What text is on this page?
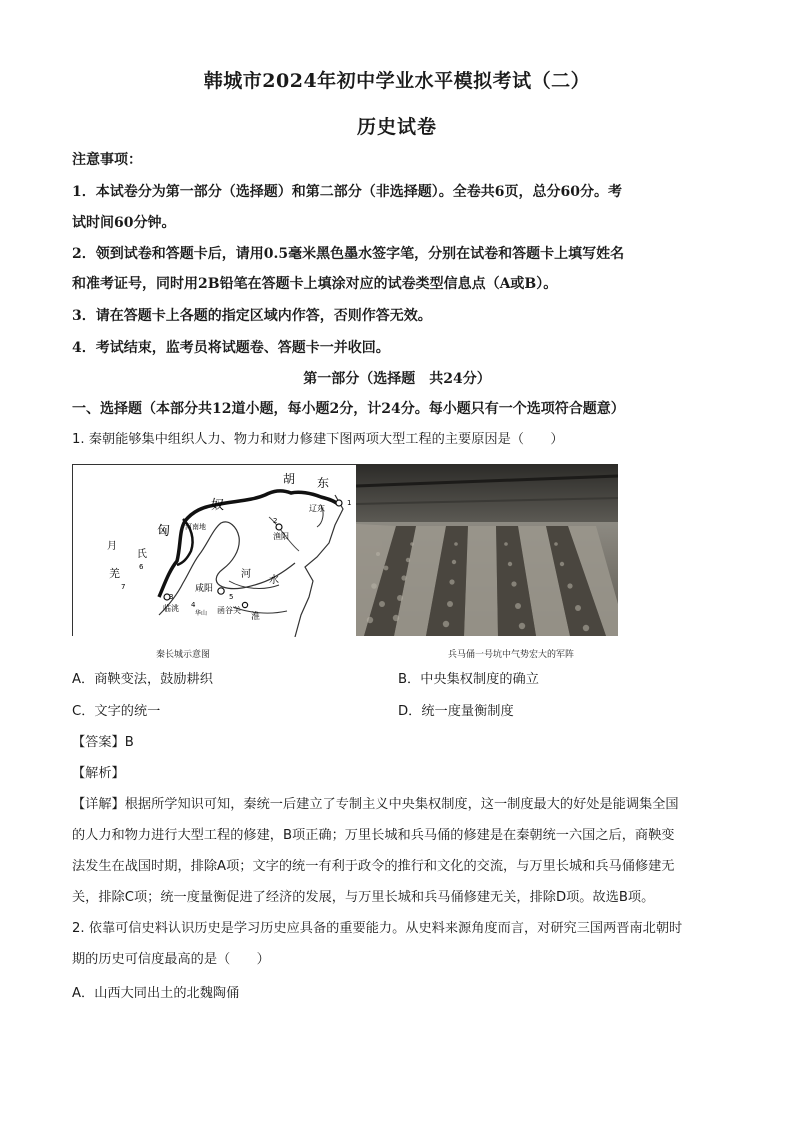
韩城市2024年初中学业水平模拟考试（二）
历史试卷
注意事项：
1．本试卷分为第一部分（选择题）和第二部分（非选择题）。全卷共6页，总分60分。考
试时间60分钟。
2．领到试卷和答题卡后，请用0.5毫米黑色墨水签字笔，分别在试卷和答题卡上填写姓名
和准考证号，同时用2B铅笔在答题卡上填涂对应的试卷类型信息点（A或B）。
3．请在答题卡上各题的指定区域内作答，否则作答无效。
4．考试结束，监考员将试题卷、答题卡一并收回。
第一部分（选择题　共24分）
一、选择题（本部分共12道小题，每小题2分，计24分。每小题只有一个选项符合题意）
1. 秦朝能够集中组织人力、物力和财力修建下图两项大型工程的主要原因是（　　）
胡 东
奴
匈
月
氏
羌
河南地
渔阳
辽东
咸阳
临洮	函谷关
华山
河
水
淮
1
2
3
4
5
6
7
秦长城示意图	兵马俑一号坑中气势宏大的军阵
A．商鞅变法，鼓励耕织	B．中央集权制度的确立
C．文字的统一	D．统一度量衡制度
【答案】B
【解析】
【详解】根据所学知识可知，秦统一后建立了专制主义中央集权制度，这一制度最大的好处是能调集全国
的人力和物力进行大型工程的修建，B项正确；万里长城和兵马俑的修建是在秦朝统一六国之后，商鞅变
法发生在战国时期，排除A项；文字的统一有利于政令的推行和文化的交流，与万里长城和兵马俑修建无
关，排除C项；统一度量衡促进了经济的发展，与万里长城和兵马俑修建无关，排除D项。故选B项。
2. 依靠可信史料认识历史是学习历史应具备的重要能力。从史料来源角度而言，对研究三国两晋南北朝时
期的历史可信度最高的是（　　）
A．山西大同出土的北魏陶俑
